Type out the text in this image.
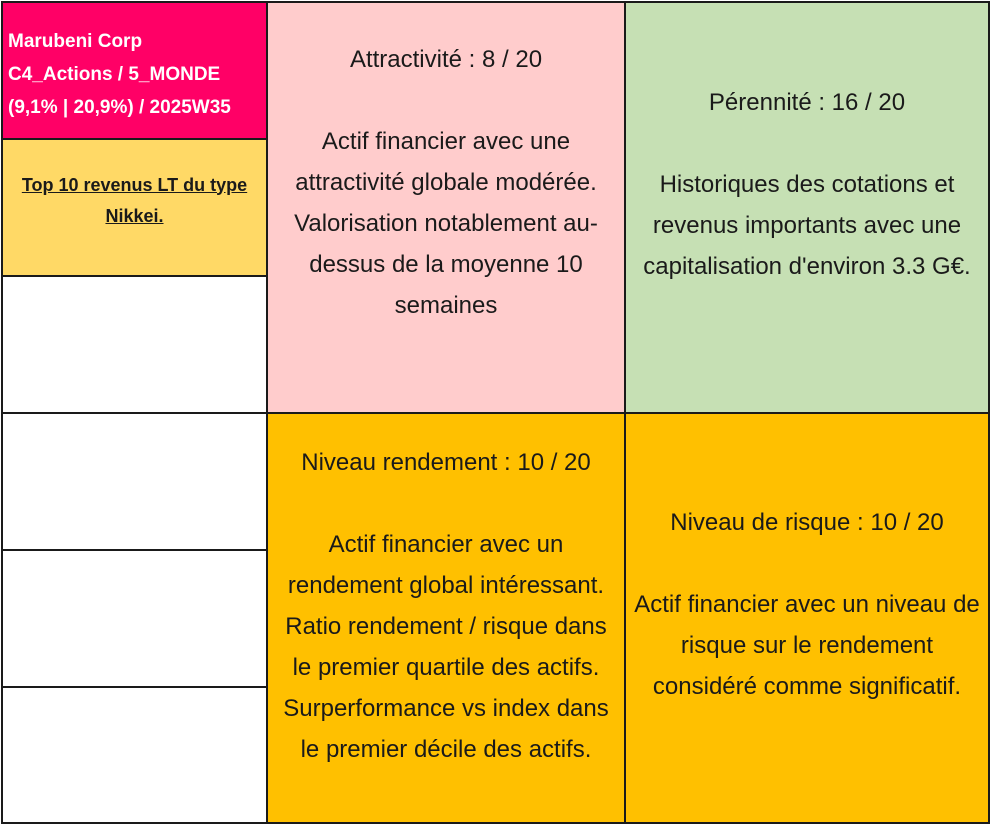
Marubeni Corp
C4_Actions / 5_MONDE
(9,1% | 20,9%) / 2025W35
Top 10 revenus LT du type
Nikkei.
Attractivité : 8 / 20
Actif financier avec une
attractivité globale modérée.
Valorisation notablement au-
dessus de la moyenne 10
semaines
Pérennité : 16 / 20
Historiques des cotations et
revenus importants avec une
capitalisation d'environ 3.3 G€.
Niveau rendement : 10 / 20
Actif financier avec un
rendement global intéressant.
Ratio rendement / risque dans
le premier quartile des actifs.
Surperformance vs index dans
le premier décile des actifs.
Niveau de risque : 10 / 20
Actif financier avec un niveau de
risque sur le rendement
considéré comme significatif.
